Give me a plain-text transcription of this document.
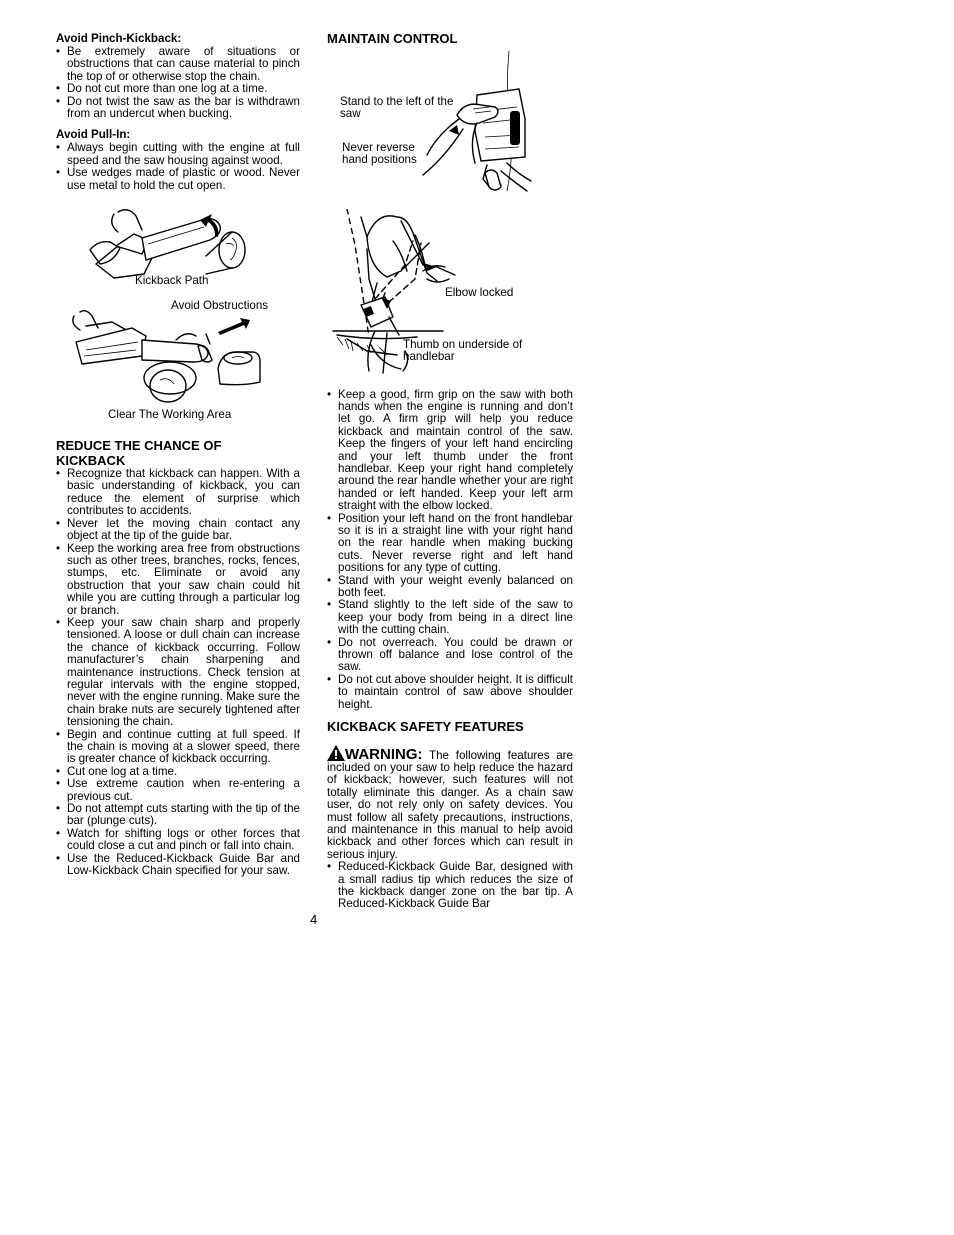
Avoid Pinch-Kickback:
• Be extremely aware of situations or obstructions that can cause material to pinch the top of or otherwise stop the chain.
• Do not cut more than one log at a time.
• Do not twist the saw as the bar is withdrawn from an undercut when bucking.
Avoid Pull-In:
• Always begin cutting with the engine at full speed and the saw housing against wood.
• Use wedges made of plastic or wood. Never use metal to hold the cut open.
Kickback Path
Avoid Obstructions
Clear The Working Area
REDUCE THE CHANCE OF KICKBACK
• Recognize that kickback can happen. With a basic understanding of kickback, you can reduce the element of surprise which contributes to accidents.
• Never let the moving chain contact any object at the tip of the guide bar.
• Keep the working area free from obstructions such as other trees, branches, rocks, fences, stumps, etc. Eliminate or avoid any obstruction that your saw chain could hit while you are cutting through a particular log or branch.
• Keep your saw chain sharp and properly tensioned. A loose or dull chain can increase the chance of kickback occurring. Follow manufacturer’s chain sharpening and maintenance instructions. Check tension at regular intervals with the engine stopped, never with the engine running. Make sure the chain brake nuts are securely tightened after tensioning the chain.
• Begin and continue cutting at full speed. If the chain is moving at a slower speed, there is greater chance of kickback occurring.
• Cut one log at a time.
• Use extreme caution when re-entering a previous cut.
• Do not attempt cuts starting with the tip of the bar (plunge cuts).
• Watch for shifting logs or other forces that could close a cut and pinch or fall into chain.
• Use the Reduced-Kickback Guide Bar and Low-Kickback Chain specified for your saw.
MAINTAIN CONTROL
Stand to the left of the saw
Never reverse hand positions
Elbow locked
Thumb on underside of handlebar
• Keep a good, firm grip on the saw with both hands when the engine is running and don’t let go. A firm grip will help you reduce kickback and maintain control of the saw. Keep the fingers of your left hand encircling and your left thumb under the front handlebar. Keep your right hand completely around the rear handle whether your are right handed or left handed. Keep your left arm straight with the elbow locked.
• Position your left hand on the front handlebar so it is in a straight line with your right hand on the rear handle when making bucking cuts. Never reverse right and left hand positions for any type of cutting.
• Stand with your weight evenly balanced on both feet.
• Stand slightly to the left side of the saw to keep your body from being in a direct line with the cutting chain.
• Do not overreach. You could be drawn or thrown off balance and lose control of the saw.
• Do not cut above shoulder height. It is difficult to maintain control of saw above shoulder height.
KICKBACK SAFETY FEATURES
WARNING: The following features are included on your saw to help reduce the hazard of kickback; however, such features will not totally eliminate this danger. As a chain saw user, do not rely only on safety devices. You must follow all safety precautions, instructions, and maintenance in this manual to help avoid kickback and other forces which can result in serious injury.
• Reduced-Kickback Guide Bar, designed with a small radius tip which reduces the size of the kickback danger zone on the bar tip. A Reduced-Kickback Guide Bar
4
